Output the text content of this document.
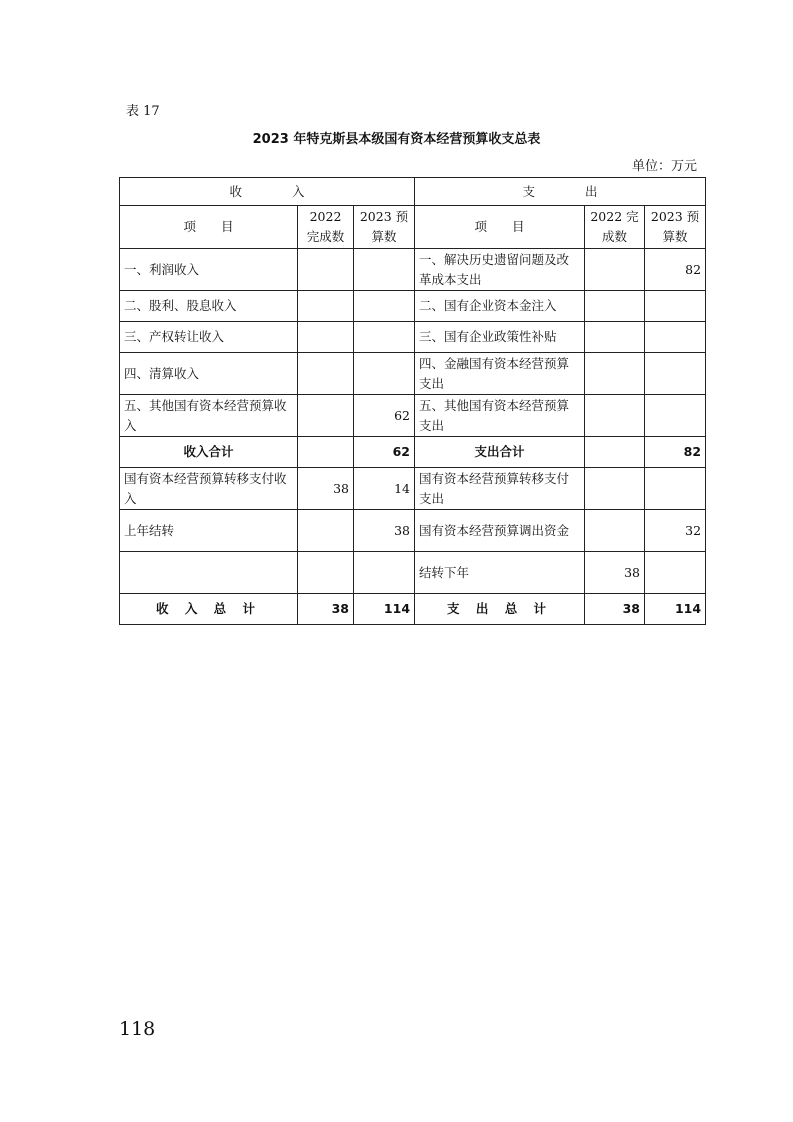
表 17
2023 年特克斯县本级国有资本经营预算收支总表
单位：万元
收　　　　入			支　　　　出		
项　　目	2022 完成数	2023 预算数	项　　目	2022 完成数	2023 预算数
一、利润收入			一、解决历史遗留问题及改革成本支出		82
二、股利、股息收入			二、国有企业资本金注入		
三、产权转让收入			三、国有企业政策性补贴		
四、清算收入			四、金融国有资本经营预算支出		
五、其他国有资本经营预算收入		62	五、其他国有资本经营预算支出		
收入合计		62	支出合计		82
国有资本经营预算转移支付收入	38	14	国有资本经营预算转移支付支出		
上年结转		38	国有资本经营预算调出资金		32
			结转下年	38	
收 入 总 计	38	114	支 出 总 计	38	114
118
